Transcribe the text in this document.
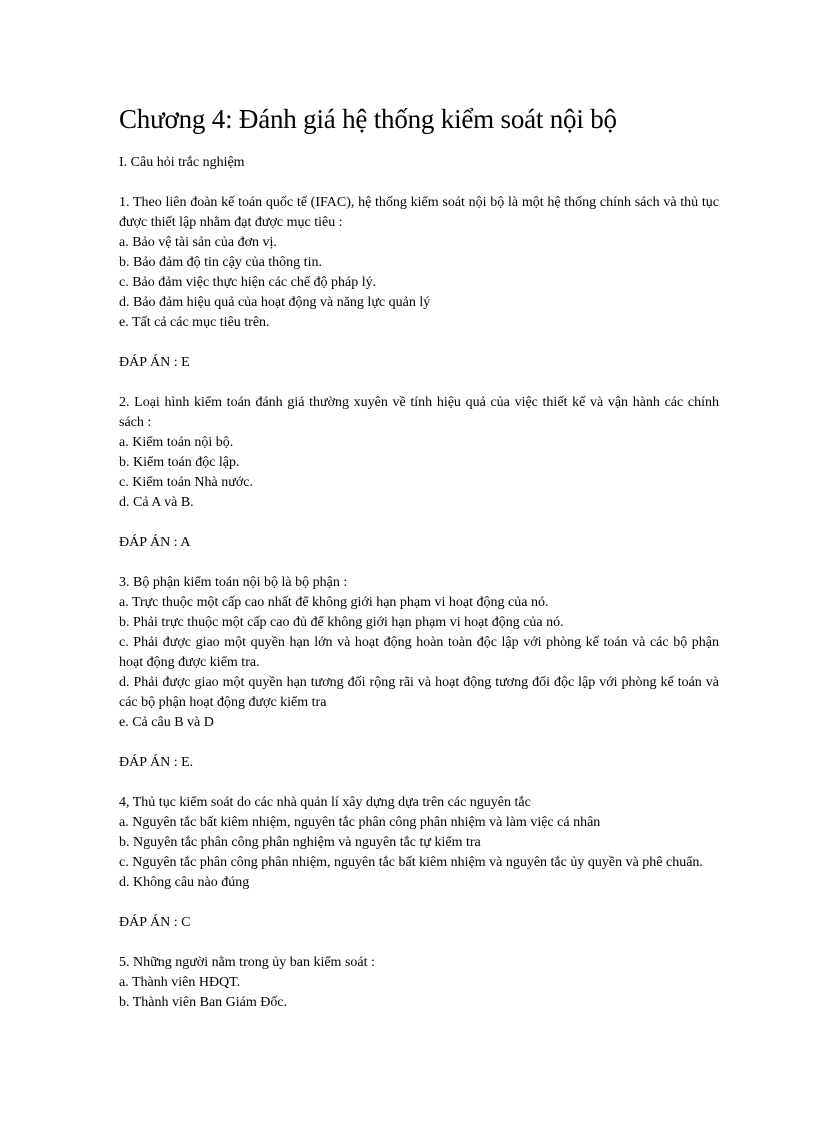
Chương 4: Đánh giá hệ thống kiểm soát nội bộ
I. Câu hỏi trắc nghiệm
1. Theo liên đoàn kế toán quốc tế (IFAC), hệ thống kiểm soát nội bộ là một hệ thống chính sách và thủ tục được thiết lập nhằm đạt được mục tiêu :
a. Bảo vệ tài sản của đơn vị.
b. Bảo đảm độ tin cậy của thông tin.
c. Bảo đảm việc thực hiện các chế độ pháp lý.
d. Bảo đảm hiệu quả của hoạt động và năng lực quản lý
e. Tất cả các mục tiêu trên.
ĐÁP ÁN : E
2. Loại hình kiểm toán đánh giá thường xuyên về tính hiệu quả của việc thiết kế và vận hành các chính sách :
a. Kiểm toán nội bộ.
b. Kiểm toán độc lập.
c. Kiểm toán Nhà nước.
d. Cả A và B.
ĐÁP ÁN : A
3. Bộ phận kiểm toán nội bộ là bộ phận :
a. Trực thuộc một cấp cao nhất để không giới hạn phạm vi hoạt động của nó.
b. Phải trực thuộc một cấp cao đủ để không giới hạn phạm vi hoạt động của nó.
c. Phải được giao một quyền hạn lớn và hoạt động hoàn toàn độc lập với phòng kế toán và các bộ phận hoạt động được kiểm tra.
d. Phải được giao một quyền hạn tương đối rộng rãi và hoạt động tương đối độc lập với phòng kế toán và các bộ phận hoạt động được kiểm tra
e. Cả câu B và D
ĐÁP ÁN : E.
4, Thủ tục kiểm soát do các nhà quản lí xây dựng dựa trên các nguyên tắc
a. Nguyên tắc bất kiêm nhiệm, nguyên tắc phân công phân nhiệm và làm việc cá nhân
b. Nguyên tắc phân công phân nghiệm và nguyên tắc tự kiểm tra
c. Nguyên tắc phân công phân nhiệm, nguyên tắc bất kiêm nhiệm và nguyên tắc ủy quyền và phê chuẩn.
d. Không câu nào đúng
ĐÁP ÁN : C
5. Những người nằm trong ủy ban kiểm soát :
a. Thành viên HĐQT.
b. Thành viên Ban Giám Đốc.
